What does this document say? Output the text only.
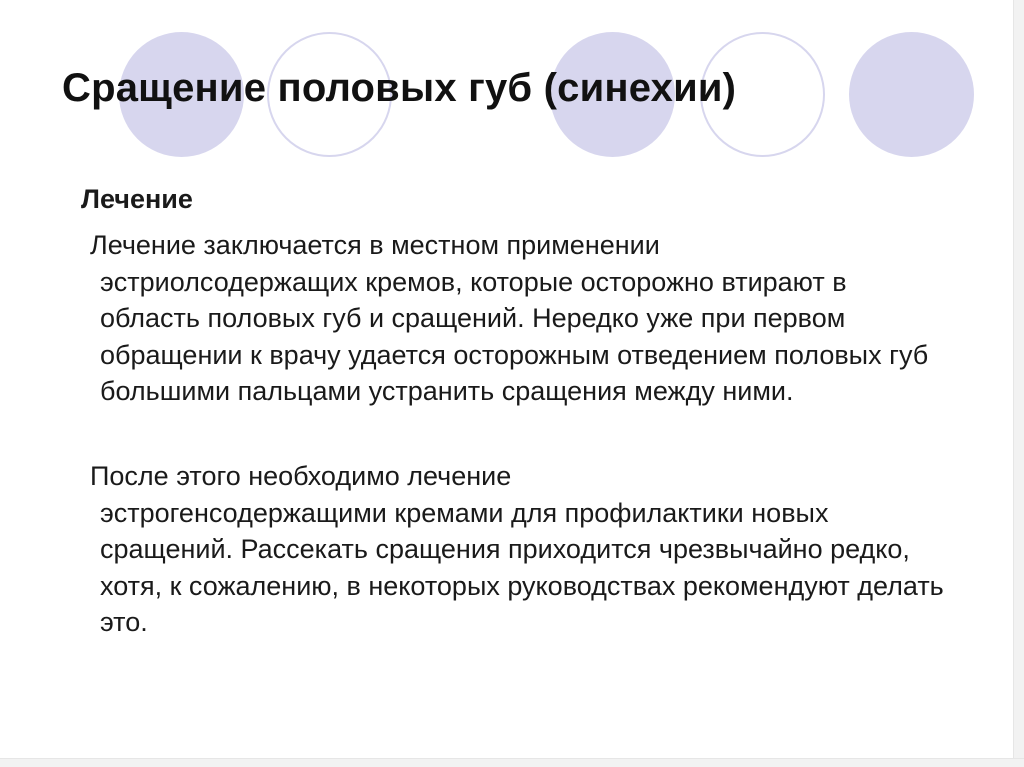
Сращение половых губ (синехии)
Лечение
Лечение заключается в местном применении
эстриолсодержащих кремов, которые осторожно втирают в область половых губ и сращений. Нередко уже при первом обращении к врачу удается осторожным отведением половых губ большими пальцами устранить сращения между ними.
После этого необходимо лечение
эстрогенсодержащими кремами для профилактики новых сращений. Рассекать сращения приходится чрезвычайно редко, хотя, к сожалению, в некоторых руководствах рекомендуют делать это.
